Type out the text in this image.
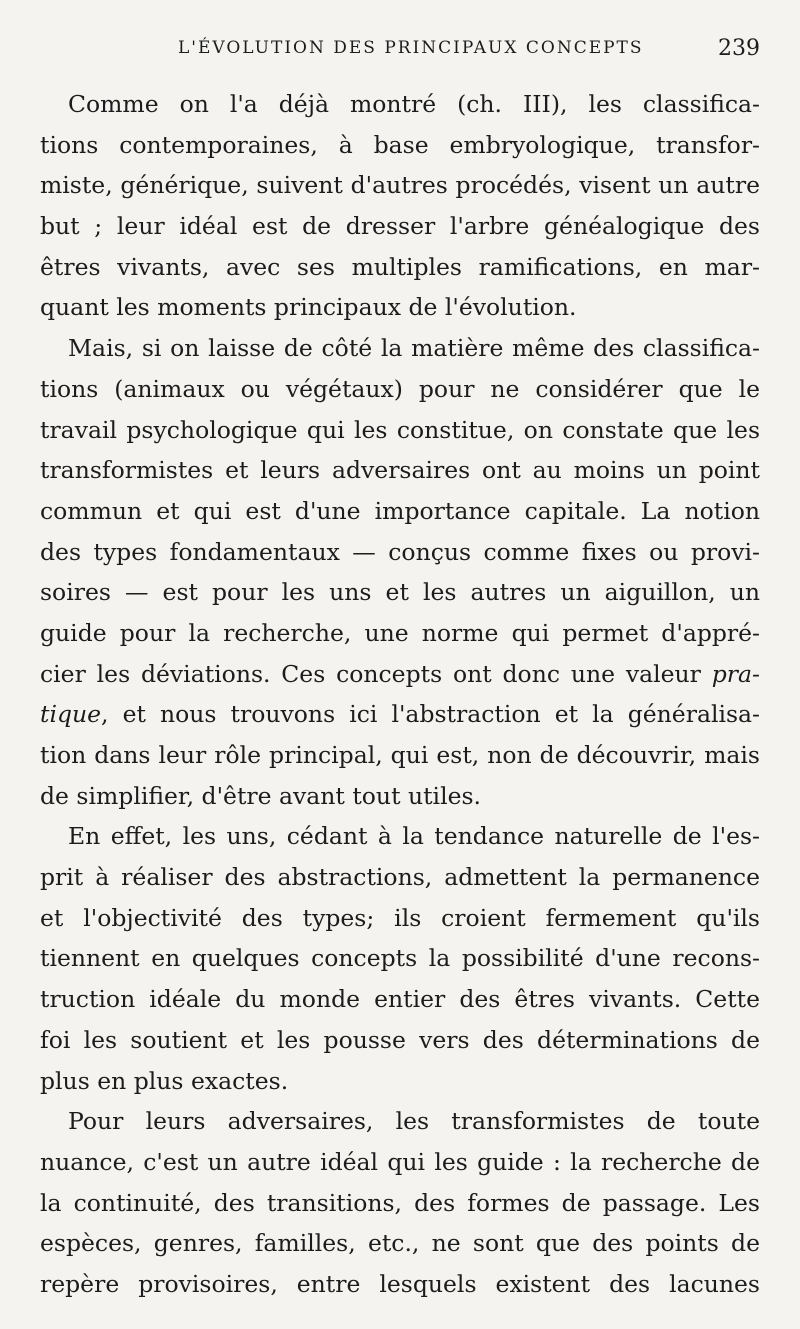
L'ÉVOLUTION DES PRINCIPAUX CONCEPTS	239
Comme on l'a déjà montré (ch. III), les classifica-
tions contemporaines, à base embryologique, transfor-
miste, générique, suivent d'autres procédés, visent un autre
but ; leur idéal est de dresser l'arbre généalogique des
êtres vivants, avec ses multiples ramifications, en mar-
quant les moments principaux de l'évolution.
Mais, si on laisse de côté la matière même des classifica-
tions (animaux ou végétaux) pour ne considérer que le
travail psychologique qui les constitue, on constate que les
transformistes et leurs adversaires ont au moins un point
commun et qui est d'une importance capitale. La notion
des types fondamentaux — conçus comme fixes ou provi-
soires — est pour les uns et les autres un aiguillon, un
guide pour la recherche, une norme qui permet d'appré-
cier les déviations. Ces concepts ont donc une valeur pra-
tique, et nous trouvons ici l'abstraction et la généralisa-
tion dans leur rôle principal, qui est, non de découvrir, mais
de simplifier, d'être avant tout utiles.
En effet, les uns, cédant à la tendance naturelle de l'es-
prit à réaliser des abstractions, admettent la permanence
et l'objectivité des types; ils croient fermement qu'ils
tiennent en quelques concepts la possibilité d'une recons-
truction idéale du monde entier des êtres vivants. Cette
foi les soutient et les pousse vers des déterminations de
plus en plus exactes.
Pour leurs adversaires, les transformistes de toute
nuance, c'est un autre idéal qui les guide : la recherche de
la continuité, des transitions, des formes de passage. Les
espèces, genres, familles, etc., ne sont que des points de
repère provisoires, entre lesquels existent des lacunes
